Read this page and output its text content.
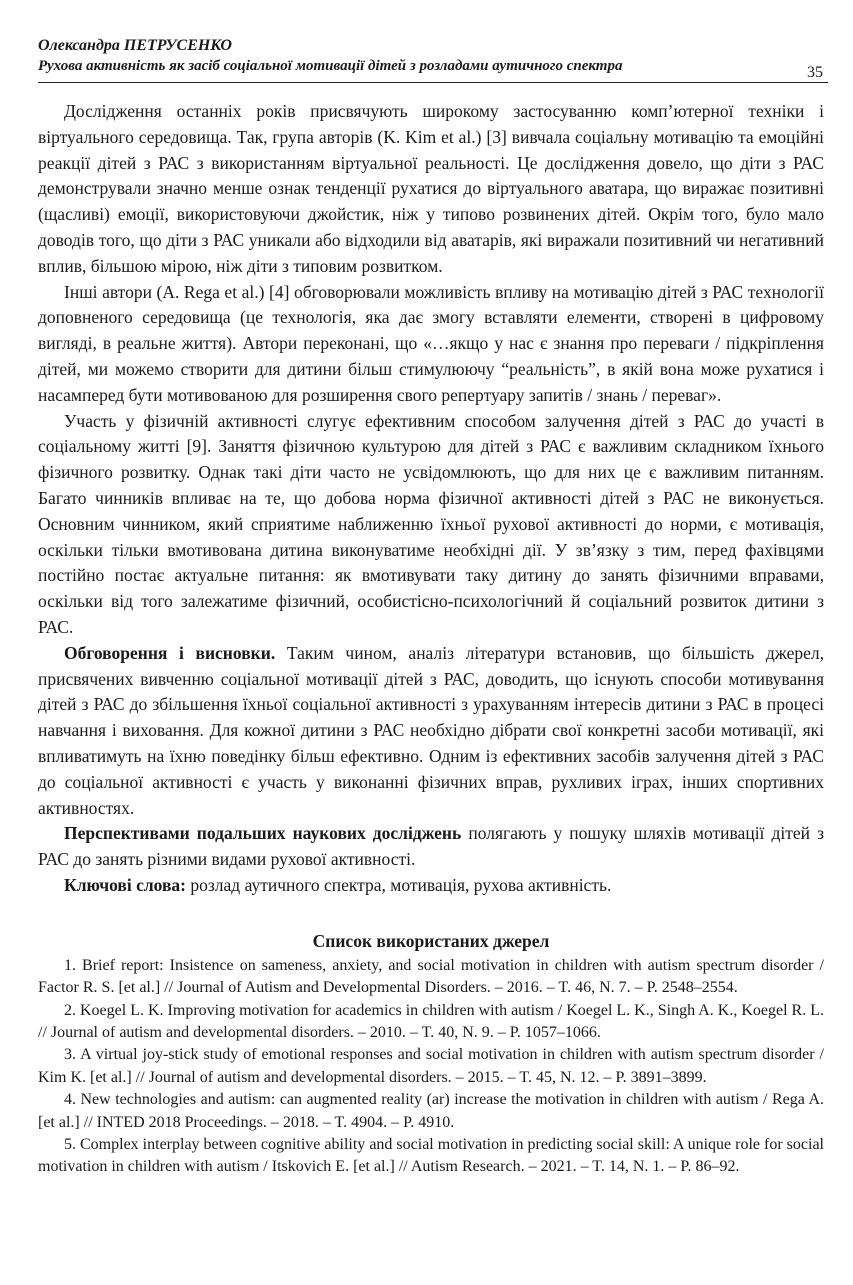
Олександра ПЕТРУСЕНКО
Рухова активність як засіб соціальної мотивації дітей з розладами аутичного спектра	35

Дослідження останніх років присвячують широкому застосуванню комп’ютерної техніки і віртуального середовища. Так, група авторів (K. Kim et al.) [3] вивчала соціальну мотивацію та емоційні реакції дітей з РАС з використанням віртуальної реальності. Це дослідження довело, що діти з РАС демонстрували значно менше ознак тенденції рухатися до віртуального аватара, що виражає позитивні (щасливі) емоції, використовуючи джойстик, ніж у типово розвинених дітей. Окрім того, було мало доводів того, що діти з РАС уникали або відходили від аватарів, які виражали позитивний чи негативний вплив, більшою мірою, ніж діти з типовим розвитком.

Інші автори (A. Rega et al.) [4] обговорювали можливість впливу на мотивацію дітей з РАС технології доповненого середовища (це технологія, яка дає змогу вставляти елементи, створені в цифровому вигляді, в реальне життя). Автори переконані, що «…якщо у нас є знання про переваги / підкріплення дітей, ми можемо створити для дитини більш стимулюючу “реальність”, в якій вона може рухатися і насамперед бути мотивованою для розширення свого репертуару запитів / знань / переваг».

Участь у фізичній активності слугує ефективним способом залучення дітей з РАС до участі в соціальному житті [9]. Заняття фізичною культурою для дітей з РАС є важливим складником їхнього фізичного розвитку. Однак такі діти часто не усвідомлюють, що для них це є важливим питанням. Багато чинників впливає на те, що добова норма фізичної активності дітей з РАС не виконується. Основним чинником, який сприятиме наближенню їхньої рухової активності до норми, є мотивація, оскільки тільки вмотивована дитина виконуватиме необхідні дії. У зв’язку з тим, перед фахівцями постійно постає актуальне питання: як вмотивувати таку дитину до занять фізичними вправами, оскільки від того залежатиме фізичний, особистісно-психологічний й соціальний розвиток дитини з РАС.

Обговорення і висновки. Таким чином, аналіз літератури встановив, що більшість джерел, присвячених вивченню соціальної мотивації дітей з РАС, доводить, що існують способи мотивування дітей з РАС до збільшення їхньої соціальної активності з урахуванням інтересів дитини з РАС в процесі навчання і виховання. Для кожної дитини з РАС необхідно дібрати свої конкретні засоби мотивації, які впливатимуть на їхню поведінку більш ефективно. Одним із ефективних засобів залучення дітей з РАС до соціальної активності є участь у виконанні фізичних вправ, рухливих іграх, інших спортивних активностях.

Перспективами подальших наукових досліджень полягають у пошуку шляхів мотивації дітей з РАС до занять різними видами рухової активності.

Ключові слова: розлад аутичного спектра, мотивація, рухова активність.

Список використаних джерел
1. Brief report: Insistence on sameness, anxiety, and social motivation in children with autism spectrum disorder / Factor R. S. [et al.] // Journal of Autism and Developmental Disorders. – 2016. – T. 46, N. 7. – P. 2548–2554.
2. Koegel L. K. Improving motivation for academics in children with autism / Koegel L. K., Singh A. K., Koegel R. L. // Journal of autism and developmental disorders. – 2010. – T. 40, N. 9. – P. 1057–1066.
3. A virtual joy-stick study of emotional responses and social motivation in children with autism spectrum disorder / Kim K. [et al.] // Journal of autism and developmental disorders. – 2015. – T. 45, N. 12. – P. 3891–3899.
4. New technologies and autism: can augmented reality (ar) increase the motivation in children with autism / Rega A. [et al.] // INTED 2018 Proceedings. – 2018. – T. 4904. – P. 4910.
5. Complex interplay between cognitive ability and social motivation in predicting social skill: A unique role for social motivation in children with autism / Itskovich E. [et al.] // Autism Research. – 2021. – T. 14, N. 1. – P. 86–92.
